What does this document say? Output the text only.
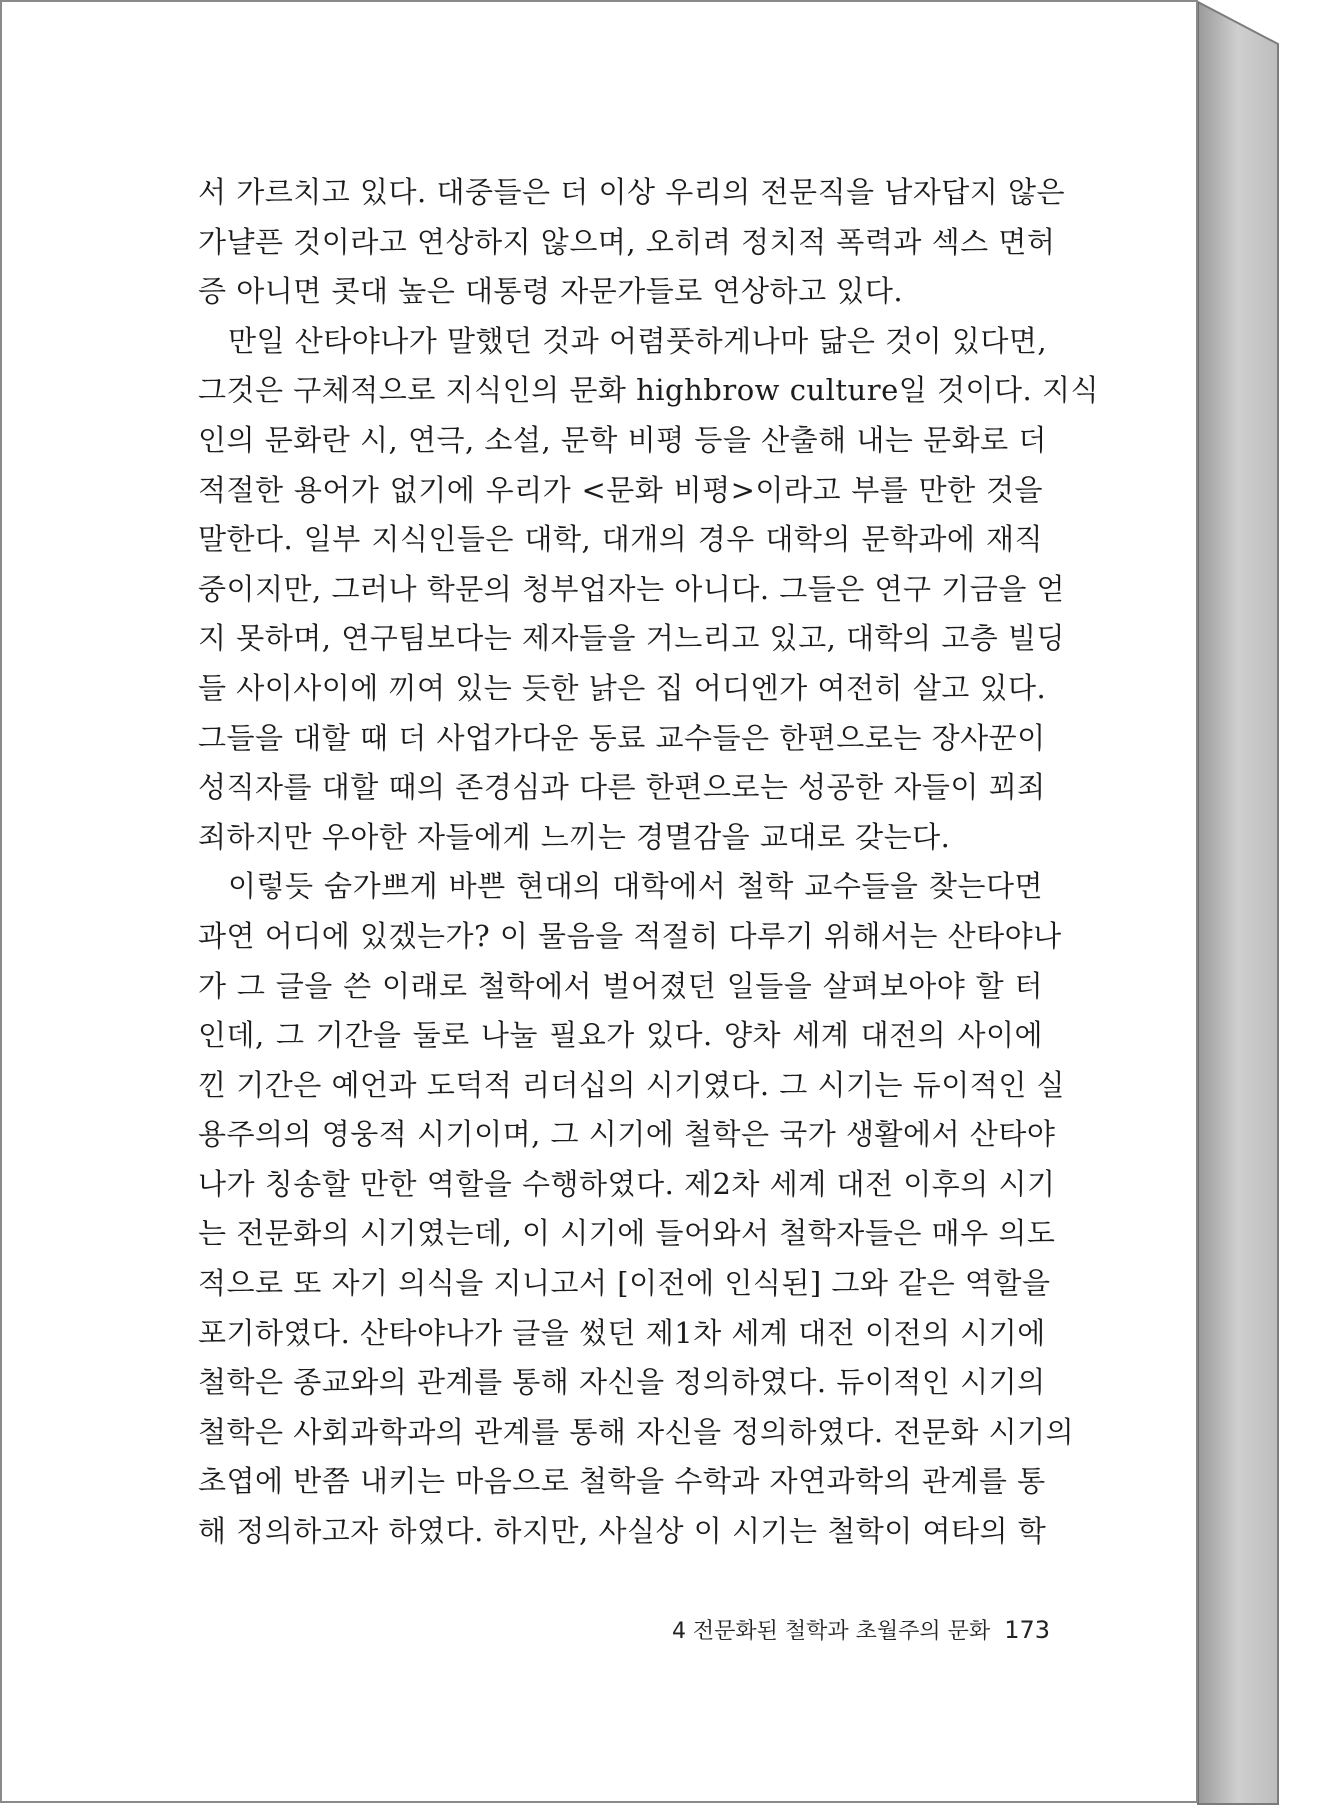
서 가르치고 있다. 대중들은 더 이상 우리의 전문직을 남자답지 않은
가냘픈 것이라고 연상하지 않으며, 오히려 정치적 폭력과 섹스 면허
증 아니면 콧대 높은 대통령 자문가들로 연상하고 있다.
만일 산타야나가 말했던 것과 어렴풋하게나마 닮은 것이 있다면,
그것은 구체적으로 지식인의 문화 highbrow culture일 것이다. 지식
인의 문화란 시, 연극, 소설, 문학 비평 등을 산출해 내는 문화로 더
적절한 용어가 없기에 우리가 <문화 비평>이라고 부를 만한 것을
말한다. 일부 지식인들은 대학, 대개의 경우 대학의 문학과에 재직
중이지만, 그러나 학문의 청부업자는 아니다. 그들은 연구 기금을 얻
지 못하며, 연구팀보다는 제자들을 거느리고 있고, 대학의 고층 빌딩
들 사이사이에 끼여 있는 듯한 낡은 집 어디엔가 여전히 살고 있다.
그들을 대할 때 더 사업가다운 동료 교수들은 한편으로는 장사꾼이
성직자를 대할 때의 존경심과 다른 한편으로는 성공한 자들이 꾀죄
죄하지만 우아한 자들에게 느끼는 경멸감을 교대로 갖는다.
이렇듯 숨가쁘게 바쁜 현대의 대학에서 철학 교수들을 찾는다면
과연 어디에 있겠는가? 이 물음을 적절히 다루기 위해서는 산타야나
가 그 글을 쓴 이래로 철학에서 벌어졌던 일들을 살펴보아야 할 터
인데, 그 기간을 둘로 나눌 필요가 있다. 양차 세계 대전의 사이에
낀 기간은 예언과 도덕적 리더십의 시기였다. 그 시기는 듀이적인 실
용주의의 영웅적 시기이며, 그 시기에 철학은 국가 생활에서 산타야
나가 칭송할 만한 역할을 수행하였다. 제2차 세계 대전 이후의 시기
는 전문화의 시기였는데, 이 시기에 들어와서 철학자들은 매우 의도
적으로 또 자기 의식을 지니고서 [이전에 인식된] 그와 같은 역할을
포기하였다. 산타야나가 글을 썼던 제1차 세계 대전 이전의 시기에
철학은 종교와의 관계를 통해 자신을 정의하였다. 듀이적인 시기의
철학은 사회과학과의 관계를 통해 자신을 정의하였다. 전문화 시기의
초엽에 반쯤 내키는 마음으로 철학을 수학과 자연과학의 관계를 통
해 정의하고자 하였다. 하지만, 사실상 이 시기는 철학이 여타의 학
4 전문화된 철학과 초월주의 문화 173
